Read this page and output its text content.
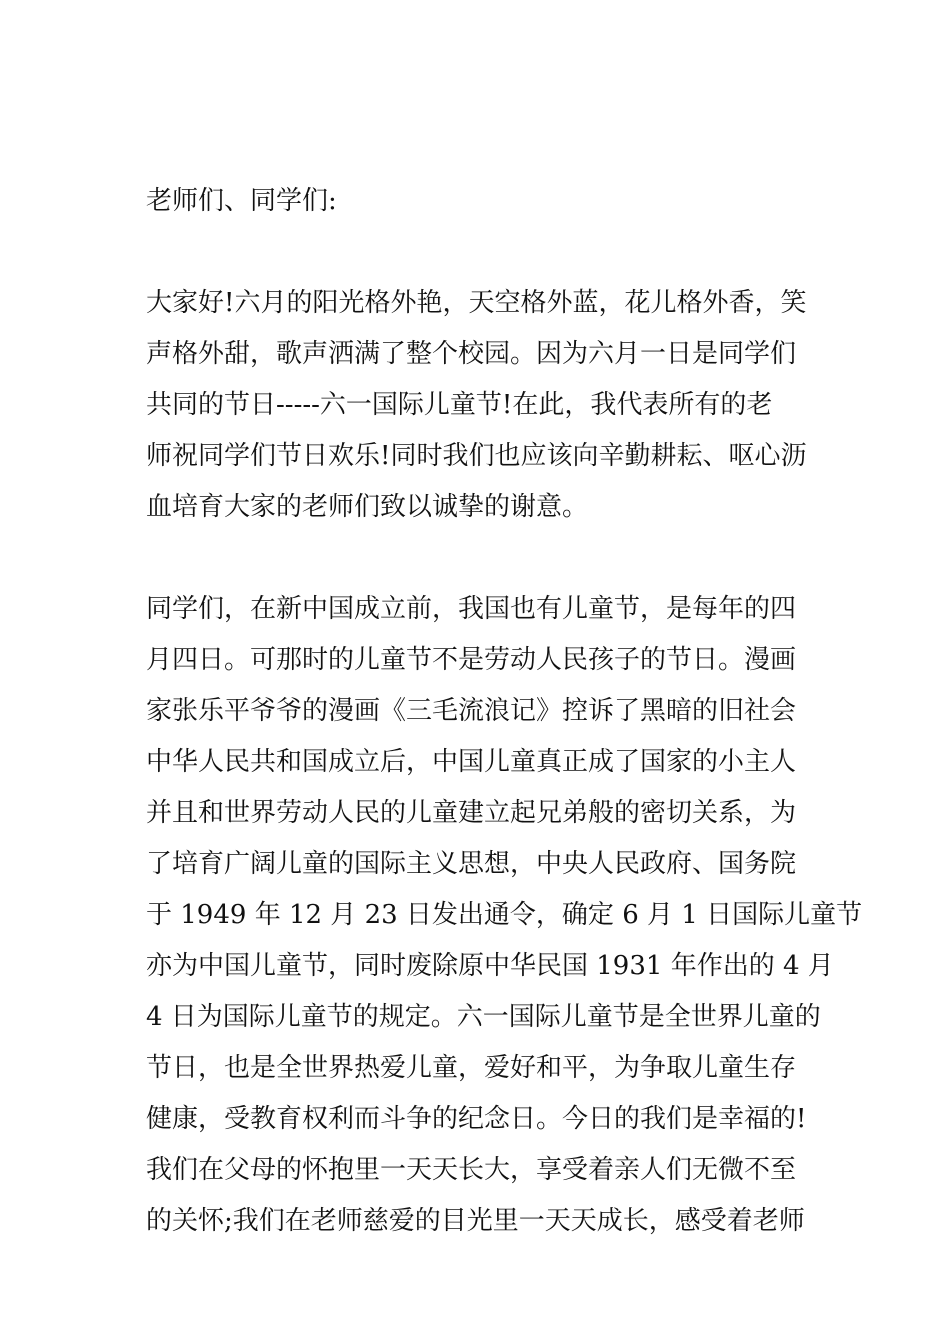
老师们、同学们:
大家好!六月的阳光格外艳，天空格外蓝，花儿格外香，笑
声格外甜，歌声洒满了整个校园。因为六月一日是同学们
共同的节日-----六一国际儿童节!在此，我代表所有的老
师祝同学们节日欢乐!同时我们也应该向辛勤耕耘、呕心沥
血培育大家的老师们致以诚挚的谢意。
同学们，在新中国成立前，我国也有儿童节，是每年的四
月四日。可那时的儿童节不是劳动人民孩子的节日。漫画
家张乐平爷爷的漫画《三毛流浪记》控诉了黑暗的旧社会
中华人民共和国成立后，中国儿童真正成了国家的小主人
并且和世界劳动人民的儿童建立起兄弟般的密切关系，为
了培育广阔儿童的国际主义思想，中央人民政府、国务院
于 1949 年 12 月 23 日发出通令，确定 6 月 1 日国际儿童节
亦为中国儿童节，同时废除原中华民国 1931 年作出的 4 月
4 日为国际儿童节的规定。六一国际儿童节是全世界儿童的
节日，也是全世界热爱儿童，爱好和平，为争取儿童生存
健康，受教育权利而斗争的纪念日。今日的我们是幸福的!
我们在父母的怀抱里一天天长大，享受着亲人们无微不至
的关怀;我们在老师慈爱的目光里一天天成长，感受着老师
